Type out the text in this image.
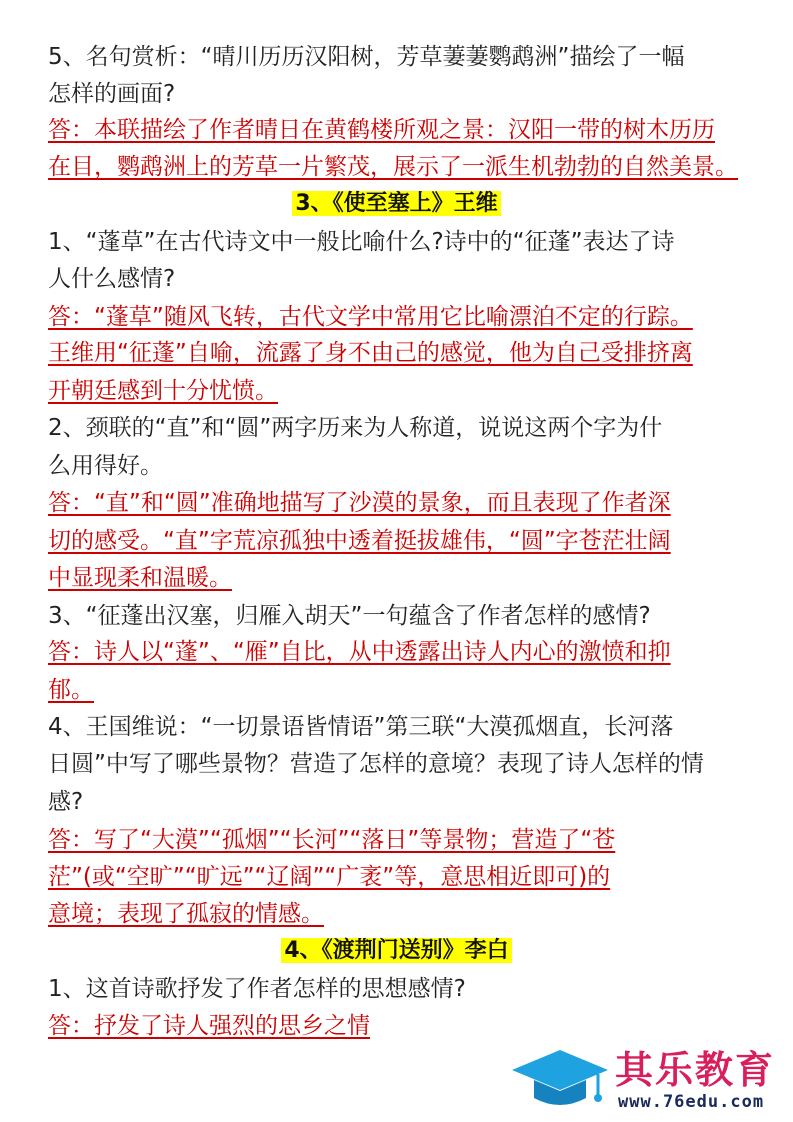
5、名句赏析：“晴川历历汉阳树，芳草萋萋鹦鹉洲”描绘了一幅
怎样的画面?
答：本联描绘了作者晴日在黄鹤楼所观之景：汉阳一带的树木历历
在目，鹦鹉洲上的芳草一片繁茂，展示了一派生机勃勃的自然美景。
3、《使至塞上》王维
1、“蓬草”在古代诗文中一般比喻什么?诗中的“征蓬”表达了诗
人什么感情?
答：“蓬草”随风飞转，古代文学中常用它比喻漂泊不定的行踪。
王维用“征蓬”自喻，流露了身不由己的感觉，他为自己受排挤离
开朝廷感到十分忧愤。
2、颈联的“直”和“圆”两字历来为人称道，说说这两个字为什
么用得好。
答：“直”和“圆”准确地描写了沙漠的景象，而且表现了作者深
切的感受。“直”字荒凉孤独中透着挺拔雄伟，“圆”字苍茫壮阔
中显现柔和温暖。
3、“征蓬出汉塞，归雁入胡天”一句蕴含了作者怎样的感情?
答：诗人以“蓬”、“雁”自比，从中透露出诗人内心的激愤和抑
郁。
4、王国维说：“一切景语皆情语”第三联“大漠孤烟直，长河落
日圆”中写了哪些景物？营造了怎样的意境？表现了诗人怎样的情
感?
答：写了“大漠”“孤烟”“长河”“落日”等景物；营造了“苍
茫”(或“空旷”“旷远”“辽阔”“广袤”等，意思相近即可)的
意境；表现了孤寂的情感。
4、《渡荆门送别》李白
1、这首诗歌抒发了作者怎样的思想感情?
答：抒发了诗人强烈的思乡之情
其乐教育
www.76edu.com
